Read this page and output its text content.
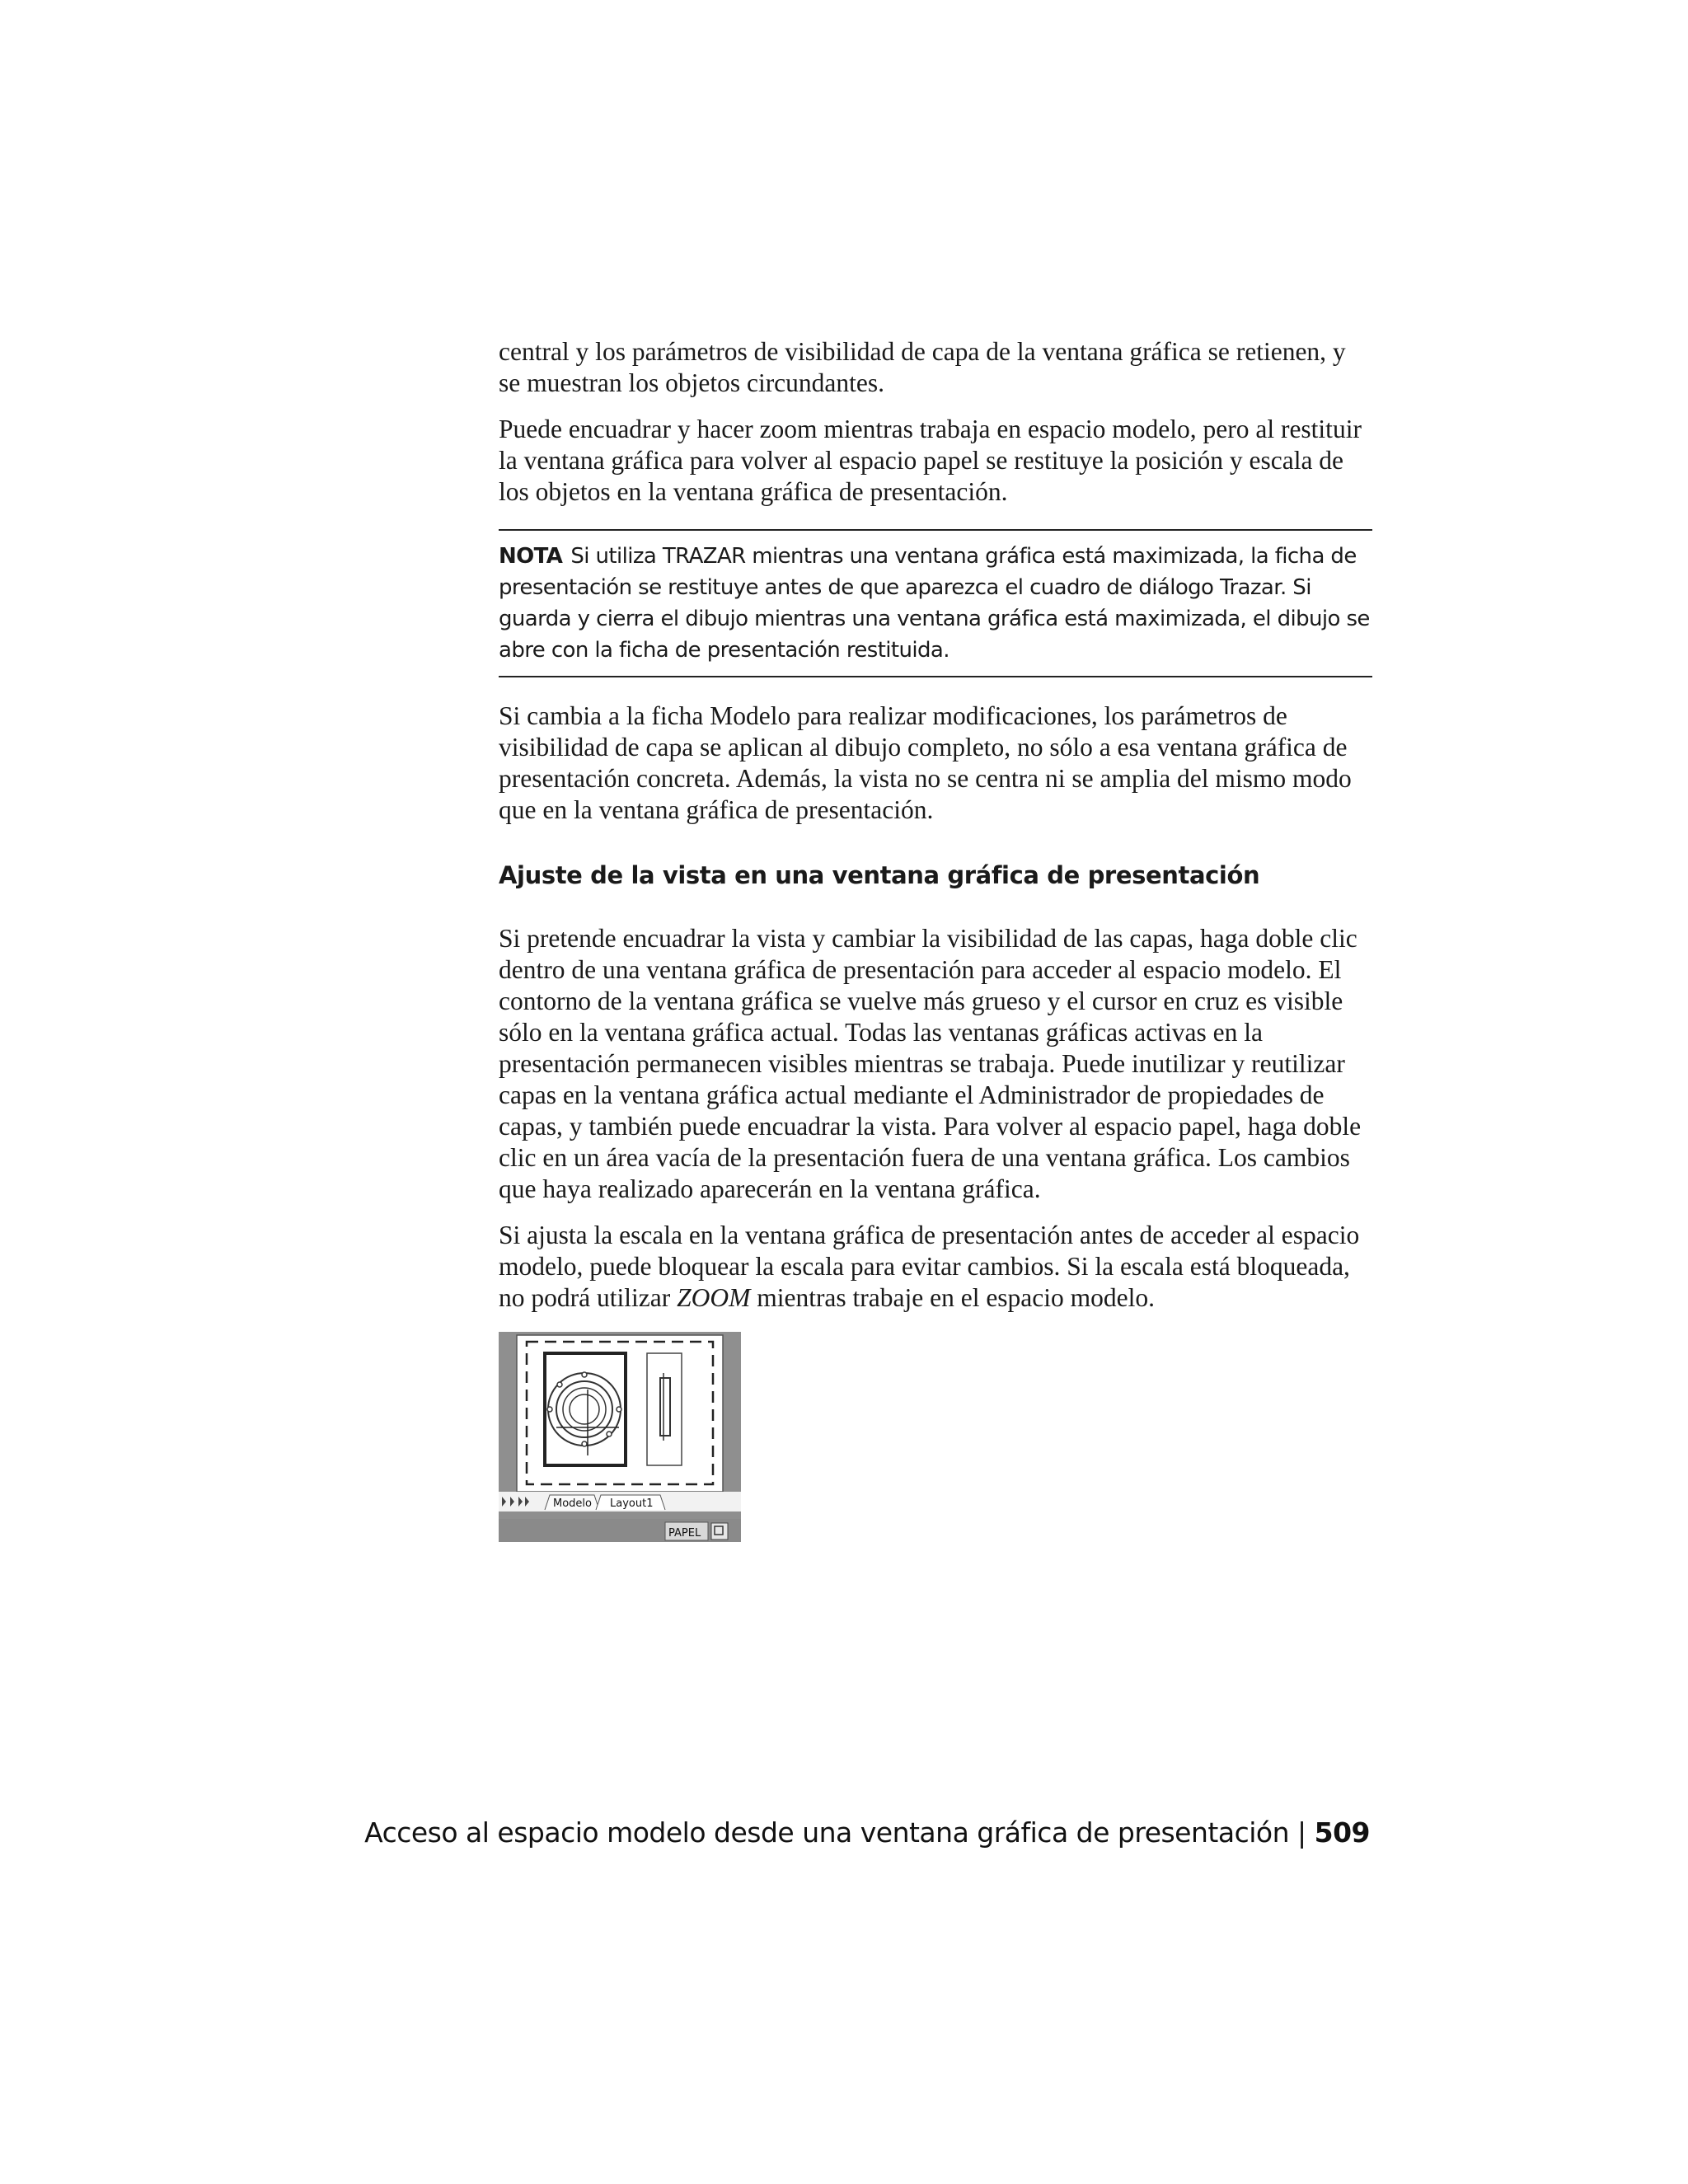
central y los parámetros de visibilidad de capa de la ventana gráfica se retienen, y se muestran los objetos circundantes.

Puede encuadrar y hacer zoom mientras trabaja en espacio modelo, pero al restituir la ventana gráfica para volver al espacio papel se restituye la posición y escala de los objetos en la ventana gráfica de presentación.

NOTA Si utiliza TRAZAR mientras una ventana gráfica está maximizada, la ficha de presentación se restituye antes de que aparezca el cuadro de diálogo Trazar. Si guarda y cierra el dibujo mientras una ventana gráfica está maximizada, el dibujo se abre con la ficha de presentación restituida.

Si cambia a la ficha Modelo para realizar modificaciones, los parámetros de visibilidad de capa se aplican al dibujo completo, no sólo a esa ventana gráfica de presentación concreta. Además, la vista no se centra ni se amplia del mismo modo que en la ventana gráfica de presentación.

Ajuste de la vista en una ventana gráfica de presentación

Si pretende encuadrar la vista y cambiar la visibilidad de las capas, haga doble clic dentro de una ventana gráfica de presentación para acceder al espacio modelo. El contorno de la ventana gráfica se vuelve más grueso y el cursor en cruz es visible sólo en la ventana gráfica actual. Todas las ventanas gráficas activas en la presentación permanecen visibles mientras se trabaja. Puede inutilizar y reutilizar capas en la ventana gráfica actual mediante el Administrador de propiedades de capas, y también puede encuadrar la vista. Para volver al espacio papel, haga doble clic en un área vacía de la presentación fuera de una ventana gráfica. Los cambios que haya realizado aparecerán en la ventana gráfica.

Si ajusta la escala en la ventana gráfica de presentación antes de acceder al espacio modelo, puede bloquear la escala para evitar cambios. Si la escala está bloqueada, no podrá utilizar ZOOM mientras trabaje en el espacio modelo.

Modelo Layout1
PAPEL
Acceso al espacio modelo desde una ventana gráfica de presentación | 509
